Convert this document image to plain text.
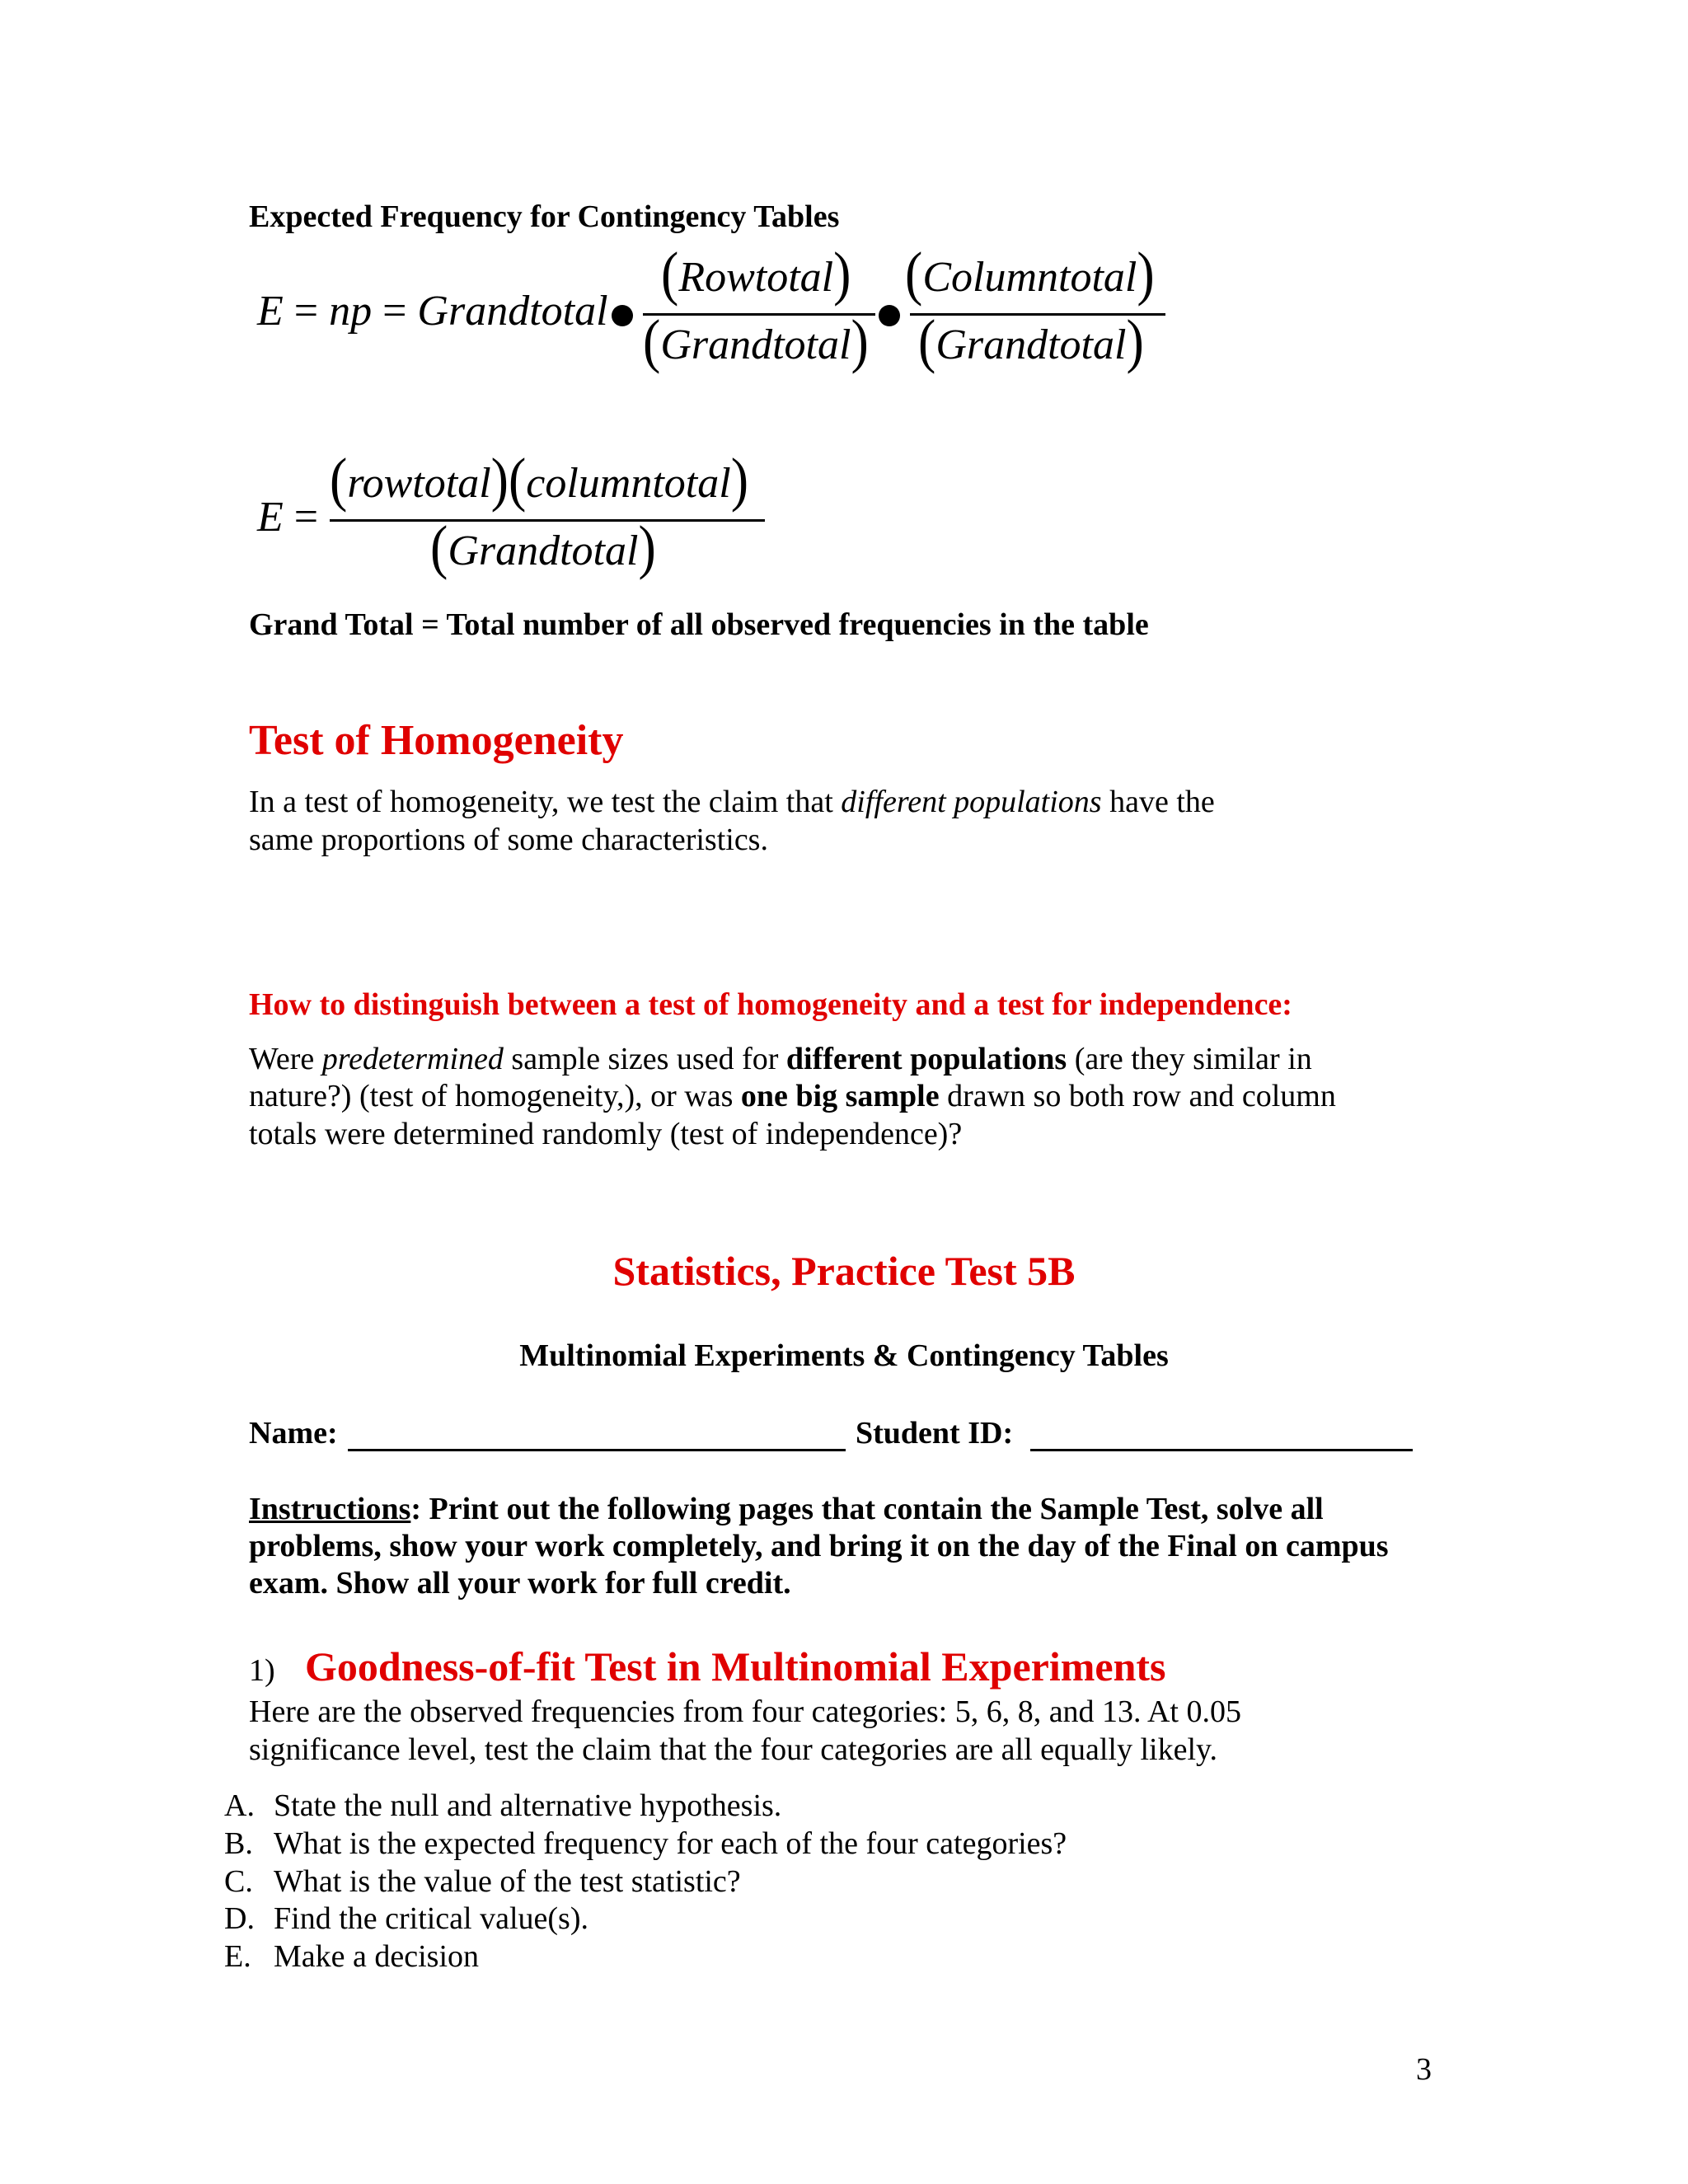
Expected Frequency for Contingency Tables
E = np = Grandtotal
(Rowtotal)
(Grandtotal)
(Columntotal)
(Grandtotal)
E =
(rowtotal)(columntotal)
(Grandtotal)
Grand Total = Total number of all observed frequencies in the table
Test of Homogeneity
In a test of homogeneity, we test the claim that different populations have the
same proportions of some characteristics.
How to distinguish between a test of homogeneity and a test for independence:
Were predetermined sample sizes used for different populations (are they similar in
nature?) (test of homogeneity,), or was one big sample drawn so both row and column
totals were determined randomly (test of independence)?
Statistics, Practice Test 5B
Multinomial Experiments & Contingency Tables
Name:	Student ID:
Instructions: Print out the following pages that contain the Sample Test, solve all
problems, show your work completely, and bring it on the day of the Final on campus
exam. Show all your work for full credit.
1) Goodness-of-fit Test in Multinomial Experiments
Here are the observed frequencies from four categories: 5, 6, 8, and 13. At 0.05
significance level, test the claim that the four categories are all equally likely.
A. State the null and alternative hypothesis.
B. What is the expected frequency for each of the four categories?
C. What is the value of the test statistic?
D. Find the critical value(s).
E. Make a decision
3
